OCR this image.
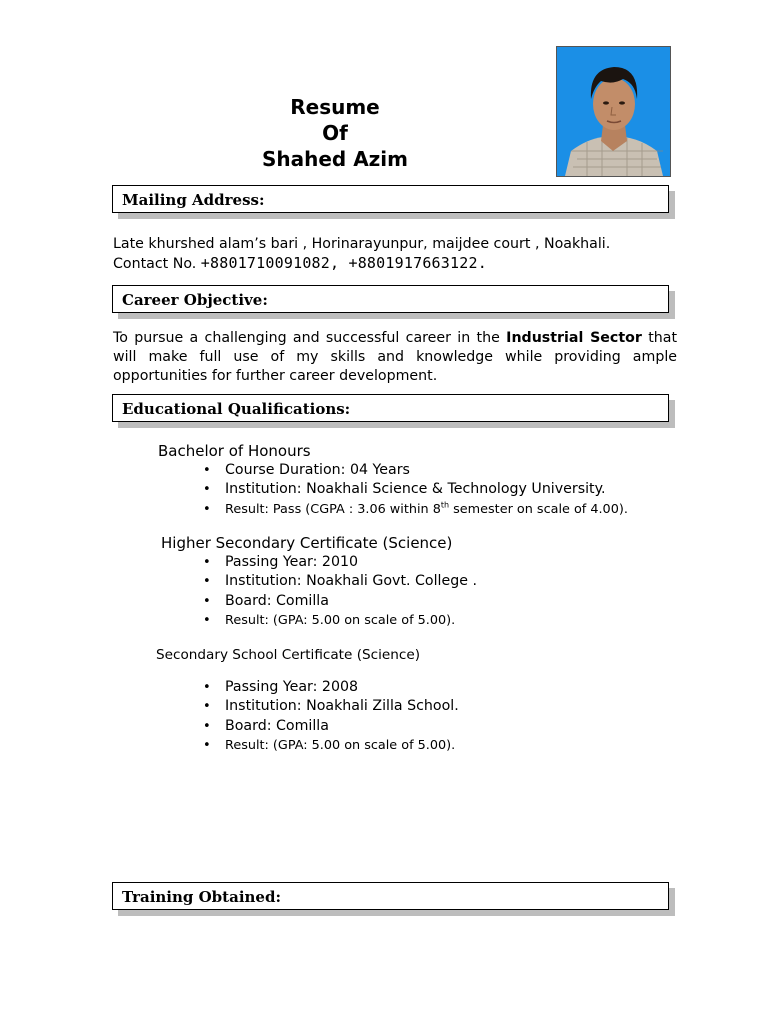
Resume
Of
Shahed Azim
Mailing Address:
Late khurshed alam’s bari , Horinarayunpur, maijdee court , Noakhali.
Contact No. +8801710091082, +8801917663122.
Career Objective:
To pursue a challenging and successful career in the Industrial Sector that will make full use of my skills and knowledge while providing ample opportunities for further career development.
Educational Qualifications:
Bachelor of Honours
• Course Duration: 04 Years
• Institution: Noakhali Science & Technology University.
• Result: Pass (CGPA : 3.06 within 8th semester on scale of 4.00).
Higher Secondary Certificate (Science)
• Passing Year: 2010
• Institution: Noakhali Govt. College .
• Board: Comilla
• Result: (GPA: 5.00 on scale of 5.00).
Secondary School Certificate (Science)
• Passing Year: 2008
• Institution: Noakhali Zilla School.
• Board: Comilla
• Result: (GPA: 5.00 on scale of 5.00).
Training Obtained:
